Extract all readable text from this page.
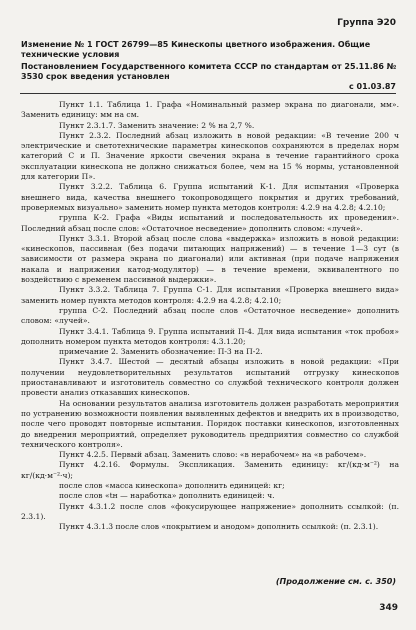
Группа Э20
Изменение № 1 ГОСТ 26799—85 Кинескопы цветного изображения. Общие технические условия
Постановлением Государственного комитета СССР по стандартам от 25.11.86 № 3530 срок введения установлен
с 01.03.87

Пункт 1.1. Таблица 1. Графа «Номинальный размер экрана по диагонали, мм». Заменить единицу: мм на см.

Пункт 2.3.1.7. Заменить значение: 2 % на 2,7 %.

Пункт 2.3.2. Последний абзац изложить в новой редакции: «В течение 200 ч электрические и светотехнические параметры кинескопов сохраняются в пределах норм категорий С и П. Значение яркости свечения экрана в течение гарантийного срока эксплуатации кинескопа не должно снижаться более, чем на 15 % нормы, установленной для категории П».

Пункт 3.2.2. Таблица 6. Группа испытаний К-1. Для испытания «Проверка внешнего вида, качества внешнего токопроводящего покрытия и других требований, проверяемых визуально» заменить номер пункта методов контроля: 4.2.9 на 4.2.8; 4.2.10;

группа К-2. Графа «Виды испытаний и последовательность их проведения». Последний абзац после слов: «Остаточное несведение» дополнить словом: «лучей».

Пункт 3.3.1. Второй абзац после слова «выдержка» изложить в новой редакции: «кинескопов, пассивная (без подачи питающих напряжений) — в течение 1—3 сут (в зависимости от размера экрана по диагонали) или активная (при подаче напряжения накала и напряжения катод-модулятор) — в течение времени, эквивалентного по воздействию с временем пассивной выдержки».

Пункт 3.3.2. Таблица 7. Группа С-1. Для испытания «Проверка внешнего вида» заменить номер пункта методов контроля: 4.2.9 на 4.2.8; 4.2.10;

группа С-2. Последний абзац после слов «Остаточное несведение» дополнить словом: «лучей».

Пункт 3.4.1. Таблица 9. Группа испытаний П-4. Для вида испытания «ток пробоя» дополнить номером пункта методов контроля: 4.3.1.20;

примечание 2. Заменить обозначение: П-3 на П-2.

Пункт 3.4.7. Шестой — десятый абзацы изложить в новой редакции: «При получении неудовлетворительных результатов испытаний отгрузку кинескопов приостанавливают и изготовитель совместно со службой технического контроля должен провести анализ отказавших кинескопов.

На основании результатов анализа изготовитель должен разработать мероприятия по устранению возможности появления выявленных дефектов и внедрить их в производство, после чего проводят повторные испытания. Порядок поставки кинескопов, изготовленных до внедрения мероприятий, определяет руководитель предприятия совместно со службой технического контроля».

Пункт 4.2.5. Первый абзац. Заменить слово: «в нерабочем» на «в рабочем».

Пункт 4.2.16. Формулы. Экспликация. Заменить единицу: кг/(кд·м⁻²) на кг/(кд·м⁻²·ч);

после слов «масса кинескопа» дополнить единицей: кг;

после слов «tн — наработка» дополнить единицей: ч.

Пункт 4.3.1.2 после слов «фокусирующее напряжение» дополнить ссылкой: (п. 2.3.1).

Пункт 4.3.1.3 после слов «покрытием и анодом» дополнить ссылкой: (п. 2.3.1).

(Продолжение см. с. 350)
349
